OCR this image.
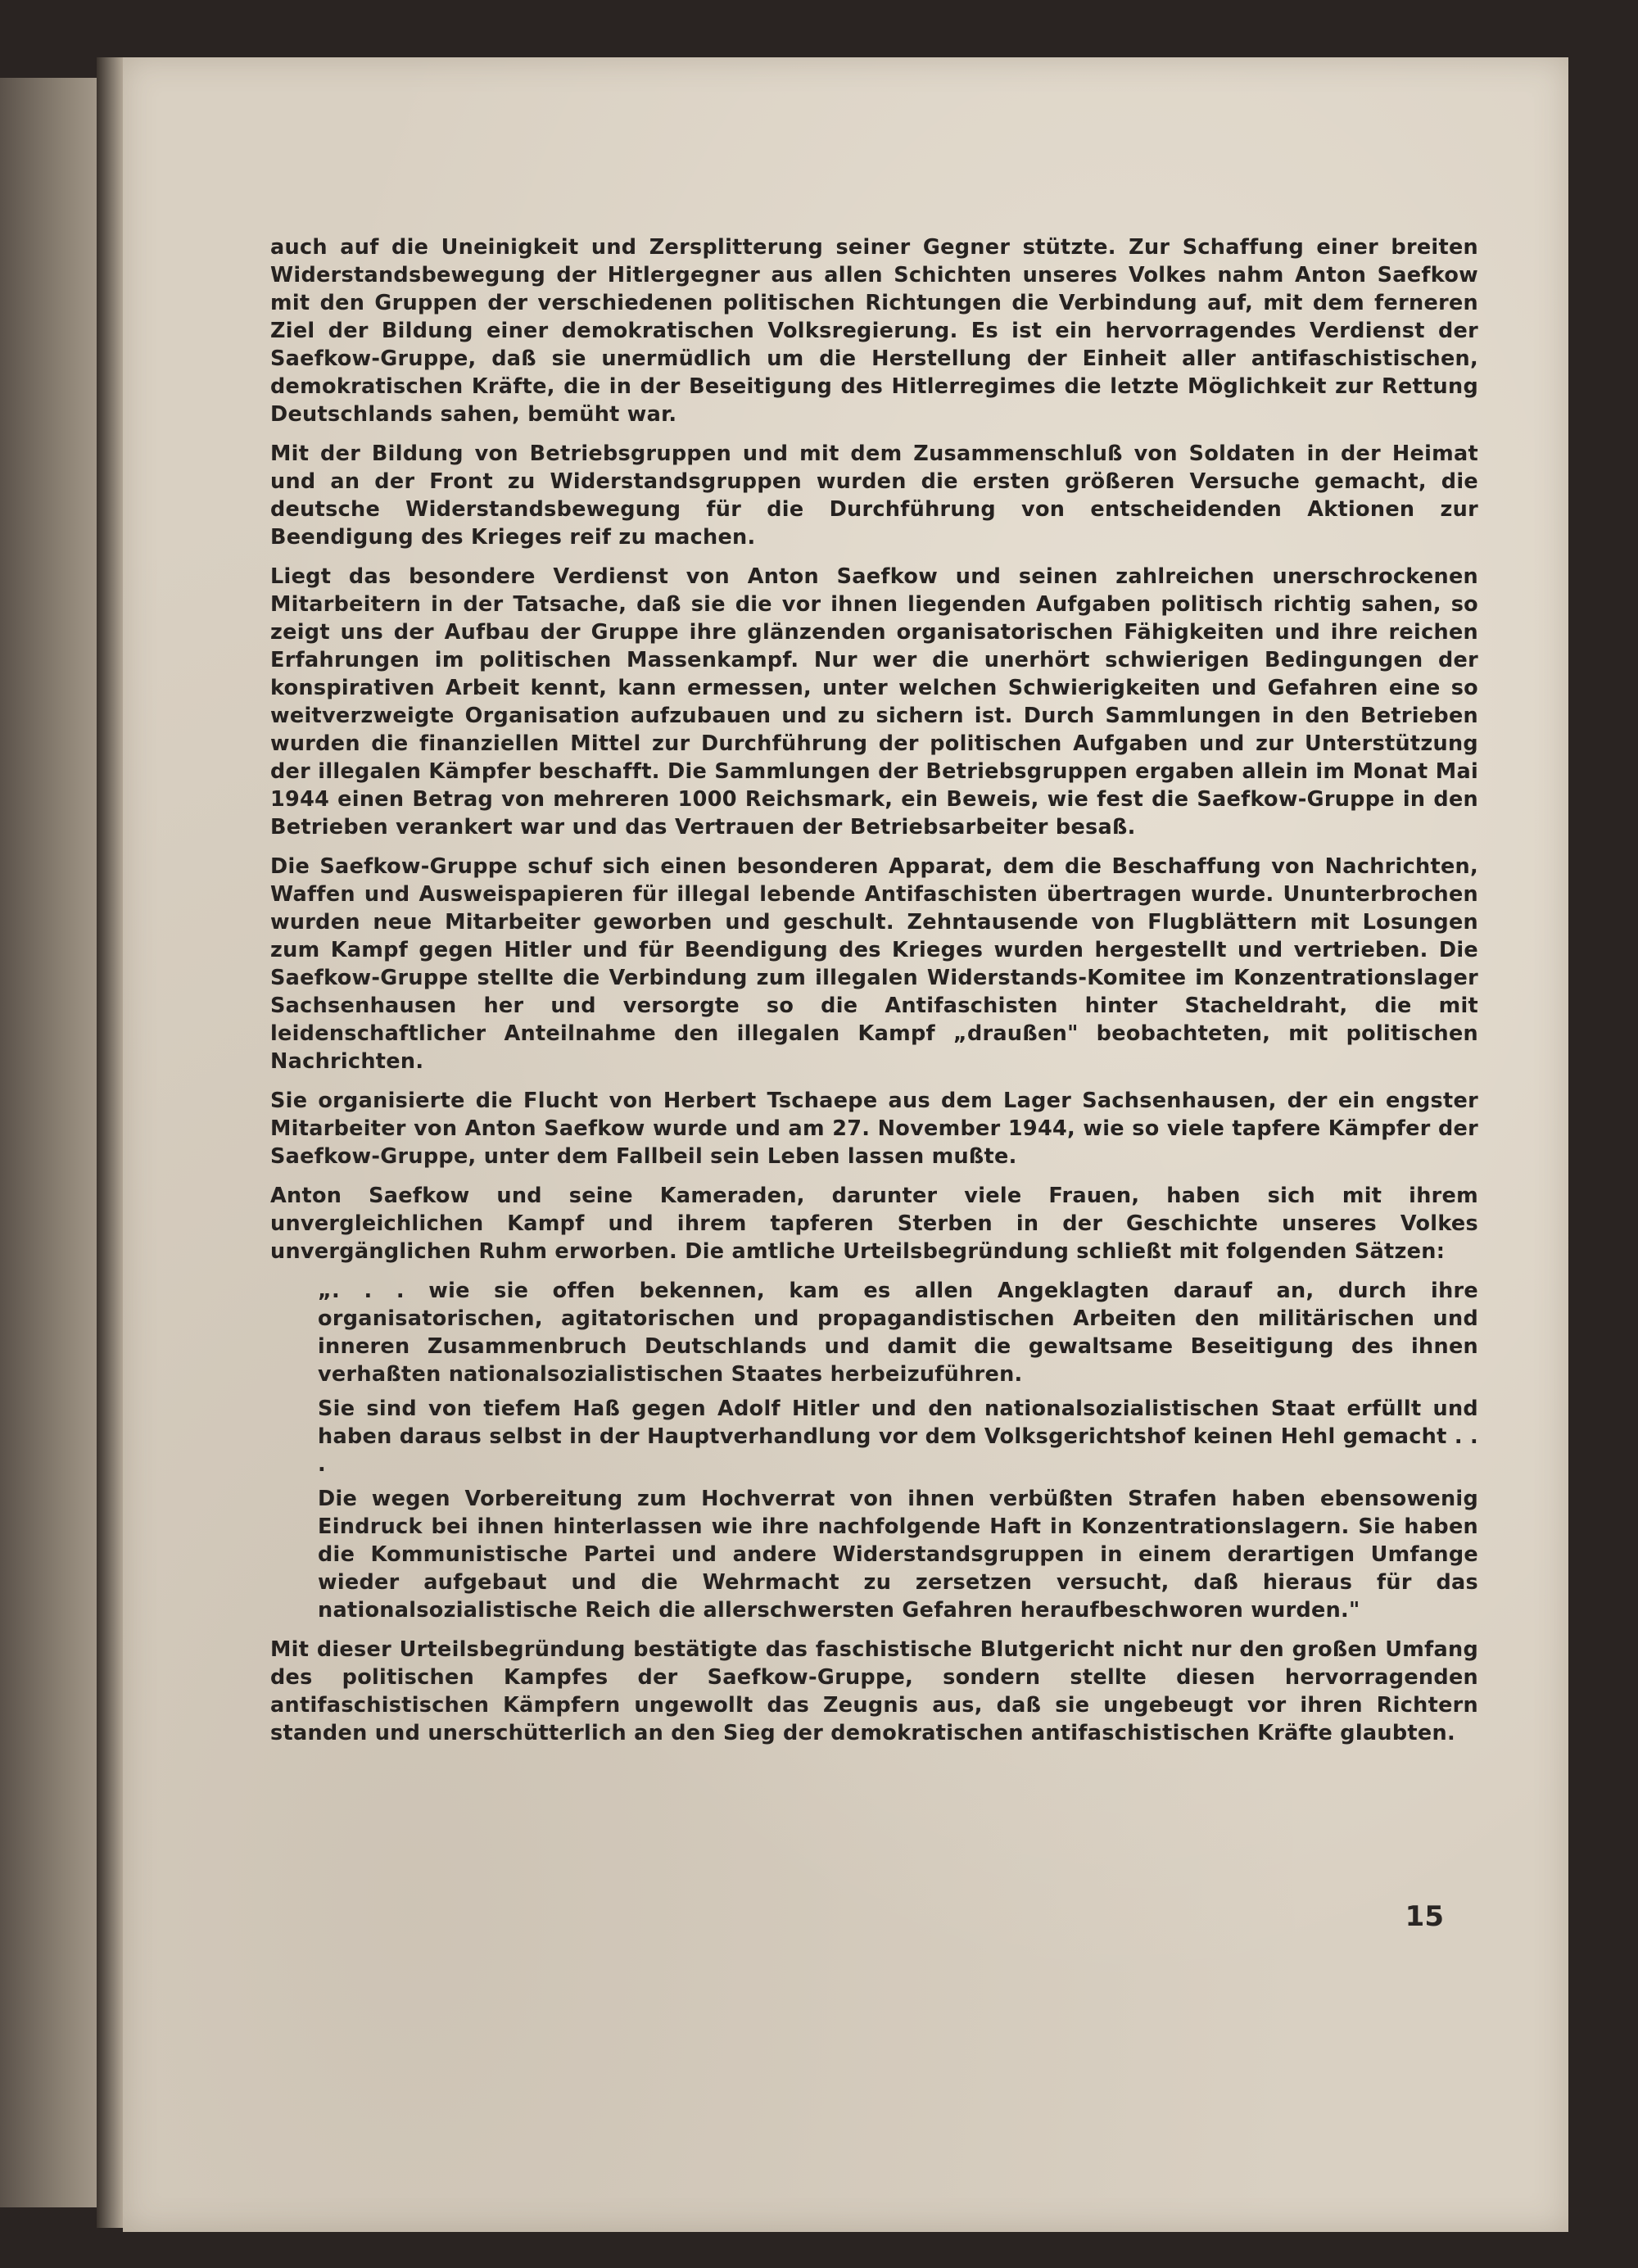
auch auf die Uneinigkeit und Zersplitterung seiner Gegner stützte. Zur Schaffung einer breiten Widerstandsbewegung der Hitlergegner aus allen Schichten unseres Volkes nahm Anton Saefkow mit den Gruppen der verschiedenen politischen Richtungen die Verbindung auf, mit dem ferneren Ziel der Bildung einer demokratischen Volksregierung. Es ist ein hervorragendes Verdienst der Saefkow-Gruppe, daß sie unermüdlich um die Herstellung der Einheit aller antifaschistischen, demokratischen Kräfte, die in der Beseitigung des Hitlerregimes die letzte Möglichkeit zur Rettung Deutschlands sahen, bemüht war.

Mit der Bildung von Betriebsgruppen und mit dem Zusammenschluß von Soldaten in der Heimat und an der Front zu Widerstandsgruppen wurden die ersten größeren Versuche gemacht, die deutsche Widerstandsbewegung für die Durchführung von entscheidenden Aktionen zur Beendigung des Krieges reif zu machen.

Liegt das besondere Verdienst von Anton Saefkow und seinen zahlreichen unerschrockenen Mitarbeitern in der Tatsache, daß sie die vor ihnen liegenden Aufgaben politisch richtig sahen, so zeigt uns der Aufbau der Gruppe ihre glänzenden organisatorischen Fähigkeiten und ihre reichen Erfahrungen im politischen Massenkampf. Nur wer die unerhört schwierigen Bedingungen der konspirativen Arbeit kennt, kann ermessen, unter welchen Schwierigkeiten und Gefahren eine so weitverzweigte Organisation aufzubauen und zu sichern ist. Durch Sammlungen in den Betrieben wurden die finanziellen Mittel zur Durchführung der politischen Aufgaben und zur Unterstützung der illegalen Kämpfer beschafft. Die Sammlungen der Betriebsgruppen ergaben allein im Monat Mai 1944 einen Betrag von mehreren 1000 Reichsmark, ein Beweis, wie fest die Saefkow-Gruppe in den Betrieben verankert war und das Vertrauen der Betriebsarbeiter besaß.

Die Saefkow-Gruppe schuf sich einen besonderen Apparat, dem die Beschaffung von Nachrichten, Waffen und Ausweispapieren für illegal lebende Antifaschisten übertragen wurde. Ununterbrochen wurden neue Mitarbeiter geworben und geschult. Zehntausende von Flugblättern mit Losungen zum Kampf gegen Hitler und für Beendigung des Krieges wurden hergestellt und vertrieben. Die Saefkow-Gruppe stellte die Verbindung zum illegalen Widerstands-Komitee im Konzentrationslager Sachsenhausen her und versorgte so die Antifaschisten hinter Stacheldraht, die mit leidenschaftlicher Anteilnahme den illegalen Kampf „draußen" beobachteten, mit politischen Nachrichten.

Sie organisierte die Flucht von Herbert Tschaepe aus dem Lager Sachsenhausen, der ein engster Mitarbeiter von Anton Saefkow wurde und am 27. November 1944, wie so viele tapfere Kämpfer der Saefkow-Gruppe, unter dem Fallbeil sein Leben lassen mußte.

Anton Saefkow und seine Kameraden, darunter viele Frauen, haben sich mit ihrem unvergleichlichen Kampf und ihrem tapferen Sterben in der Geschichte unseres Volkes unvergänglichen Ruhm erworben. Die amtliche Urteilsbegründung schließt mit folgenden Sätzen:

„. . . wie sie offen bekennen, kam es allen Angeklagten darauf an, durch ihre organisatorischen, agitatorischen und propagandistischen Arbeiten den militärischen und inneren Zusammenbruch Deutschlands und damit die gewaltsame Beseitigung des ihnen verhaßten nationalsozialistischen Staates herbeizuführen.

Sie sind von tiefem Haß gegen Adolf Hitler und den nationalsozialistischen Staat erfüllt und haben daraus selbst in der Hauptverhandlung vor dem Volksgerichtshof keinen Hehl gemacht . . .

Die wegen Vorbereitung zum Hochverrat von ihnen verbüßten Strafen haben ebensowenig Eindruck bei ihnen hinterlassen wie ihre nachfolgende Haft in Konzentrationslagern. Sie haben die Kommunistische Partei und andere Widerstandsgruppen in einem derartigen Umfange wieder aufgebaut und die Wehrmacht zu zersetzen versucht, daß hieraus für das nationalsozialistische Reich die allerschwersten Gefahren heraufbeschworen wurden."

Mit dieser Urteilsbegründung bestätigte das faschistische Blutgericht nicht nur den großen Umfang des politischen Kampfes der Saefkow-Gruppe, sondern stellte diesen hervorragenden antifaschistischen Kämpfern ungewollt das Zeugnis aus, daß sie ungebeugt vor ihren Richtern standen und unerschütterlich an den Sieg der demokratischen antifaschistischen Kräfte glaubten.

15
